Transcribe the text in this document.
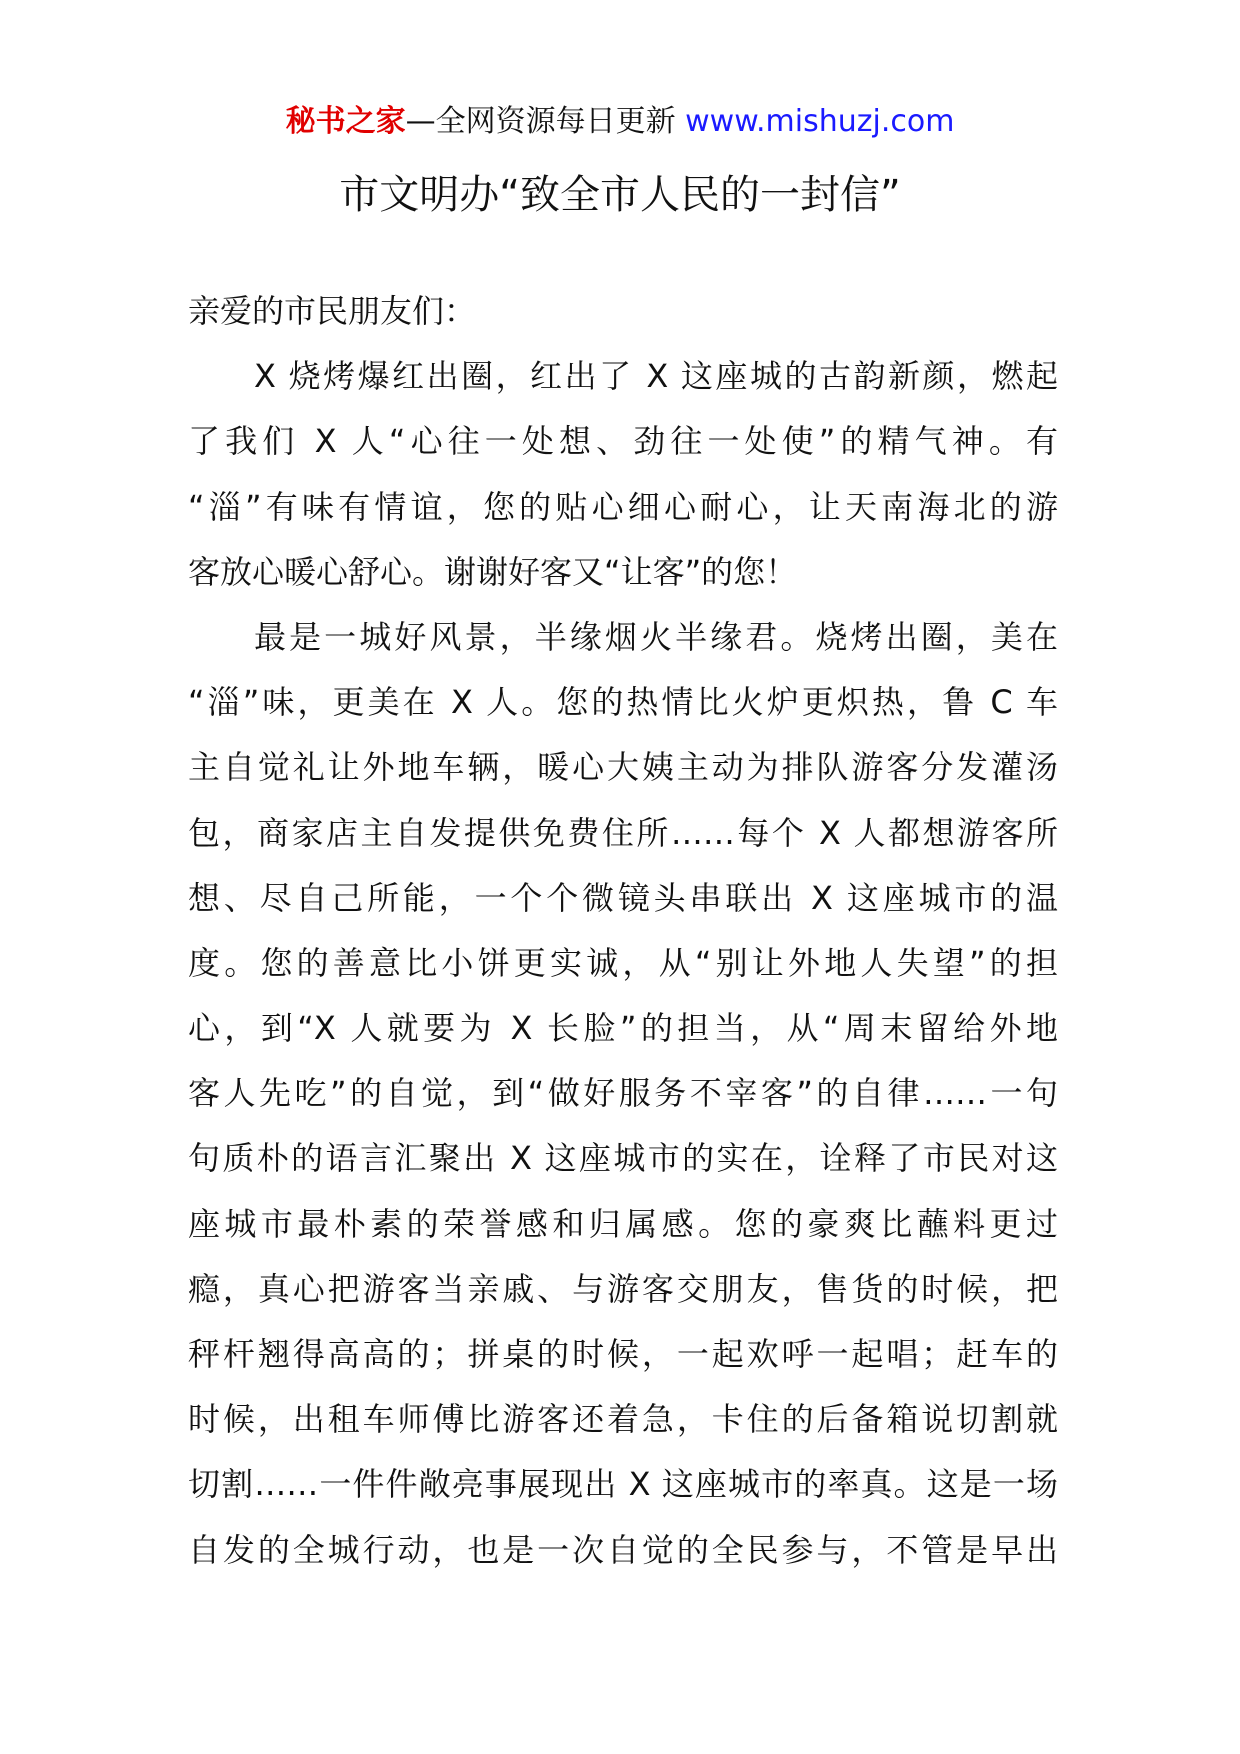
秘书之家—全网资源每日更新 www.mishuzj.com
市文明办“致全市人民的一封信”
亲爱的市民朋友们：
X 烧烤爆红出圈，红出了 X 这座城的古韵新颜，燃起
了我们 X 人“心往一处想、劲往一处使”的精气神。有
“淄”有味有情谊，您的贴心细心耐心，让天南海北的游
客放心暖心舒心。谢谢好客又“让客”的您！
最是一城好风景，半缘烟火半缘君。烧烤出圈，美在
“淄”味，更美在 X 人。您的热情比火炉更炽热，鲁 C 车
主自觉礼让外地车辆，暖心大姨主动为排队游客分发灌汤
包，商家店主自发提供免费住所……每个 X 人都想游客所
想、尽自己所能，一个个微镜头串联出 X 这座城市的温
度。您的善意比小饼更实诚，从“别让外地人失望”的担
心，到“X 人就要为 X 长脸”的担当，从“周末留给外地
客人先吃”的自觉，到“做好服务不宰客”的自律……一句
句质朴的语言汇聚出 X 这座城市的实在，诠释了市民对这
座城市最朴素的荣誉感和归属感。您的豪爽比蘸料更过
瘾，真心把游客当亲戚、与游客交朋友，售货的时候，把
秤杆翘得高高的；拼桌的时候，一起欢呼一起唱；赶车的
时候，出租车师傅比游客还着急，卡住的后备箱说切割就
切割……一件件敞亮事展现出 X 这座城市的率真。这是一场
自发的全城行动，也是一次自觉的全民参与，不管是早出
